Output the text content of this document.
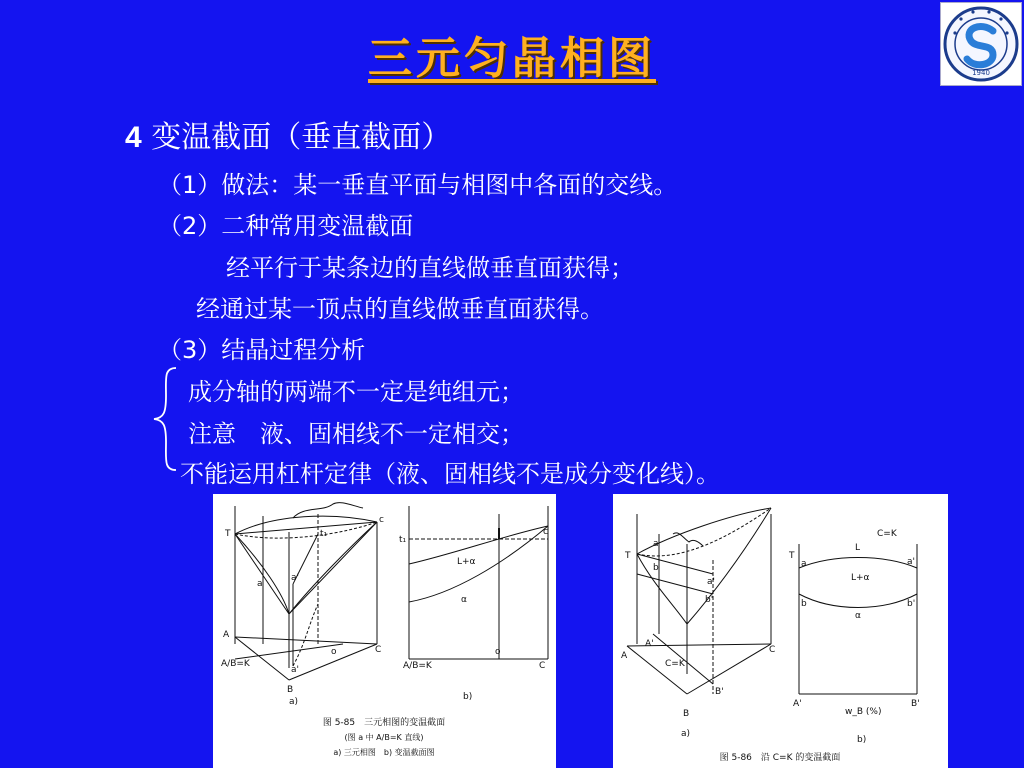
三元匀晶相图	1940
4 变温截面（垂直截面）
（1）做法：某一垂直平面与相图中各面的交线。
（2）二种常用变温截面
经平行于某条边的直线做垂直面获得；
经通过某一顶点的直线做垂直面获得。
（3）结晶过程分析
成分轴的两端不一定是纯组元；
注意　液、固相线不一定相交；
不能运用杠杆定律（液、固相线不是成分变化线）。
T	t₁
c
a
a'
o
A
C
B
A/B=K
a'
a)	b)
L+α
α
t₁
c
o
A/B=K	C
图 5-85　三元相图的变温截面
(图 a 中 A/B=K 直线)
a) 三元相图　b) 变温截面图
T
a
b
a'
b'
A
A'
C
B
B'
C=K
a)
b)
C=K
L
L+α
α
T
a
b
a'
b'
A'	B'
w_B (%)
图 5-86　沿 C=K 的变温截面
